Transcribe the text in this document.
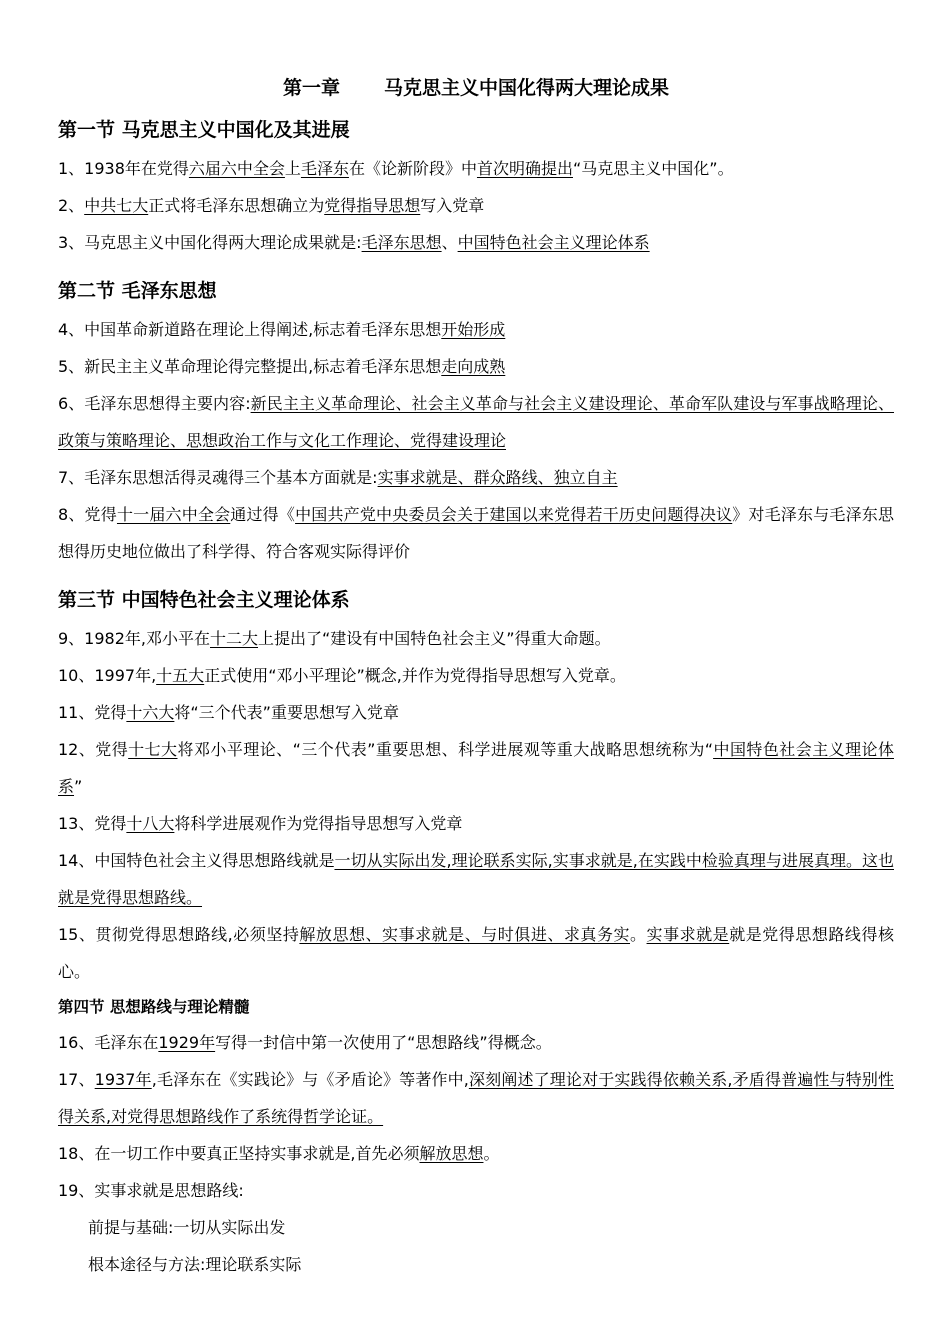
第一章 马克思主义中国化得两大理论成果
第一节 马克思主义中国化及其进展

1、1938年在党得六届六中全会上毛泽东在《论新阶段》中首次明确提出“马克思主义中国化”。

2、中共七大正式将毛泽东思想确立为党得指导思想写入党章

3、马克思主义中国化得两大理论成果就是:毛泽东思想、中国特色社会主义理论体系

第二节 毛泽东思想

4、中国革命新道路在理论上得阐述,标志着毛泽东思想开始形成

5、新民主主义革命理论得完整提出,标志着毛泽东思想走向成熟

6、毛泽东思想得主要内容:新民主主义革命理论、社会主义革命与社会主义建设理论、革命军队建设与军事战略理论、政策与策略理论、思想政治工作与文化工作理论、党得建设理论

7、毛泽东思想活得灵魂得三个基本方面就是:实事求就是、群众路线、独立自主

8、党得十一届六中全会通过得《中国共产党中央委员会关于建国以来党得若干历史问题得决议》对毛泽东与毛泽东思想得历史地位做出了科学得、符合客观实际得评价

第三节 中国特色社会主义理论体系

9、1982年,邓小平在十二大上提出了“建设有中国特色社会主义”得重大命题。

10、1997年,十五大正式使用“邓小平理论”概念,并作为党得指导思想写入党章。

11、党得十六大将“三个代表”重要思想写入党章

12、党得十七大将邓小平理论、“三个代表”重要思想、科学进展观等重大战略思想统称为“中国特色社会主义理论体系”

13、党得十八大将科学进展观作为党得指导思想写入党章

14、中国特色社会主义得思想路线就是一切从实际出发,理论联系实际,实事求就是,在实践中检验真理与进展真理。这也就是党得思想路线。

15、贯彻党得思想路线,必须坚持解放思想、实事求就是、与时俱进、求真务实。实事求就是就是党得思想路线得核心。

第四节 思想路线与理论精髓

16、毛泽东在1929年写得一封信中第一次使用了“思想路线”得概念。

17、1937年,毛泽东在《实践论》与《矛盾论》等著作中,深刻阐述了理论对于实践得依赖关系,矛盾得普遍性与特别性得关系,对党得思想路线作了系统得哲学论证。

18、在一切工作中要真正坚持实事求就是,首先必须解放思想。

19、实事求就是思想路线:

前提与基础:一切从实际出发

根本途径与方法:理论联系实际
